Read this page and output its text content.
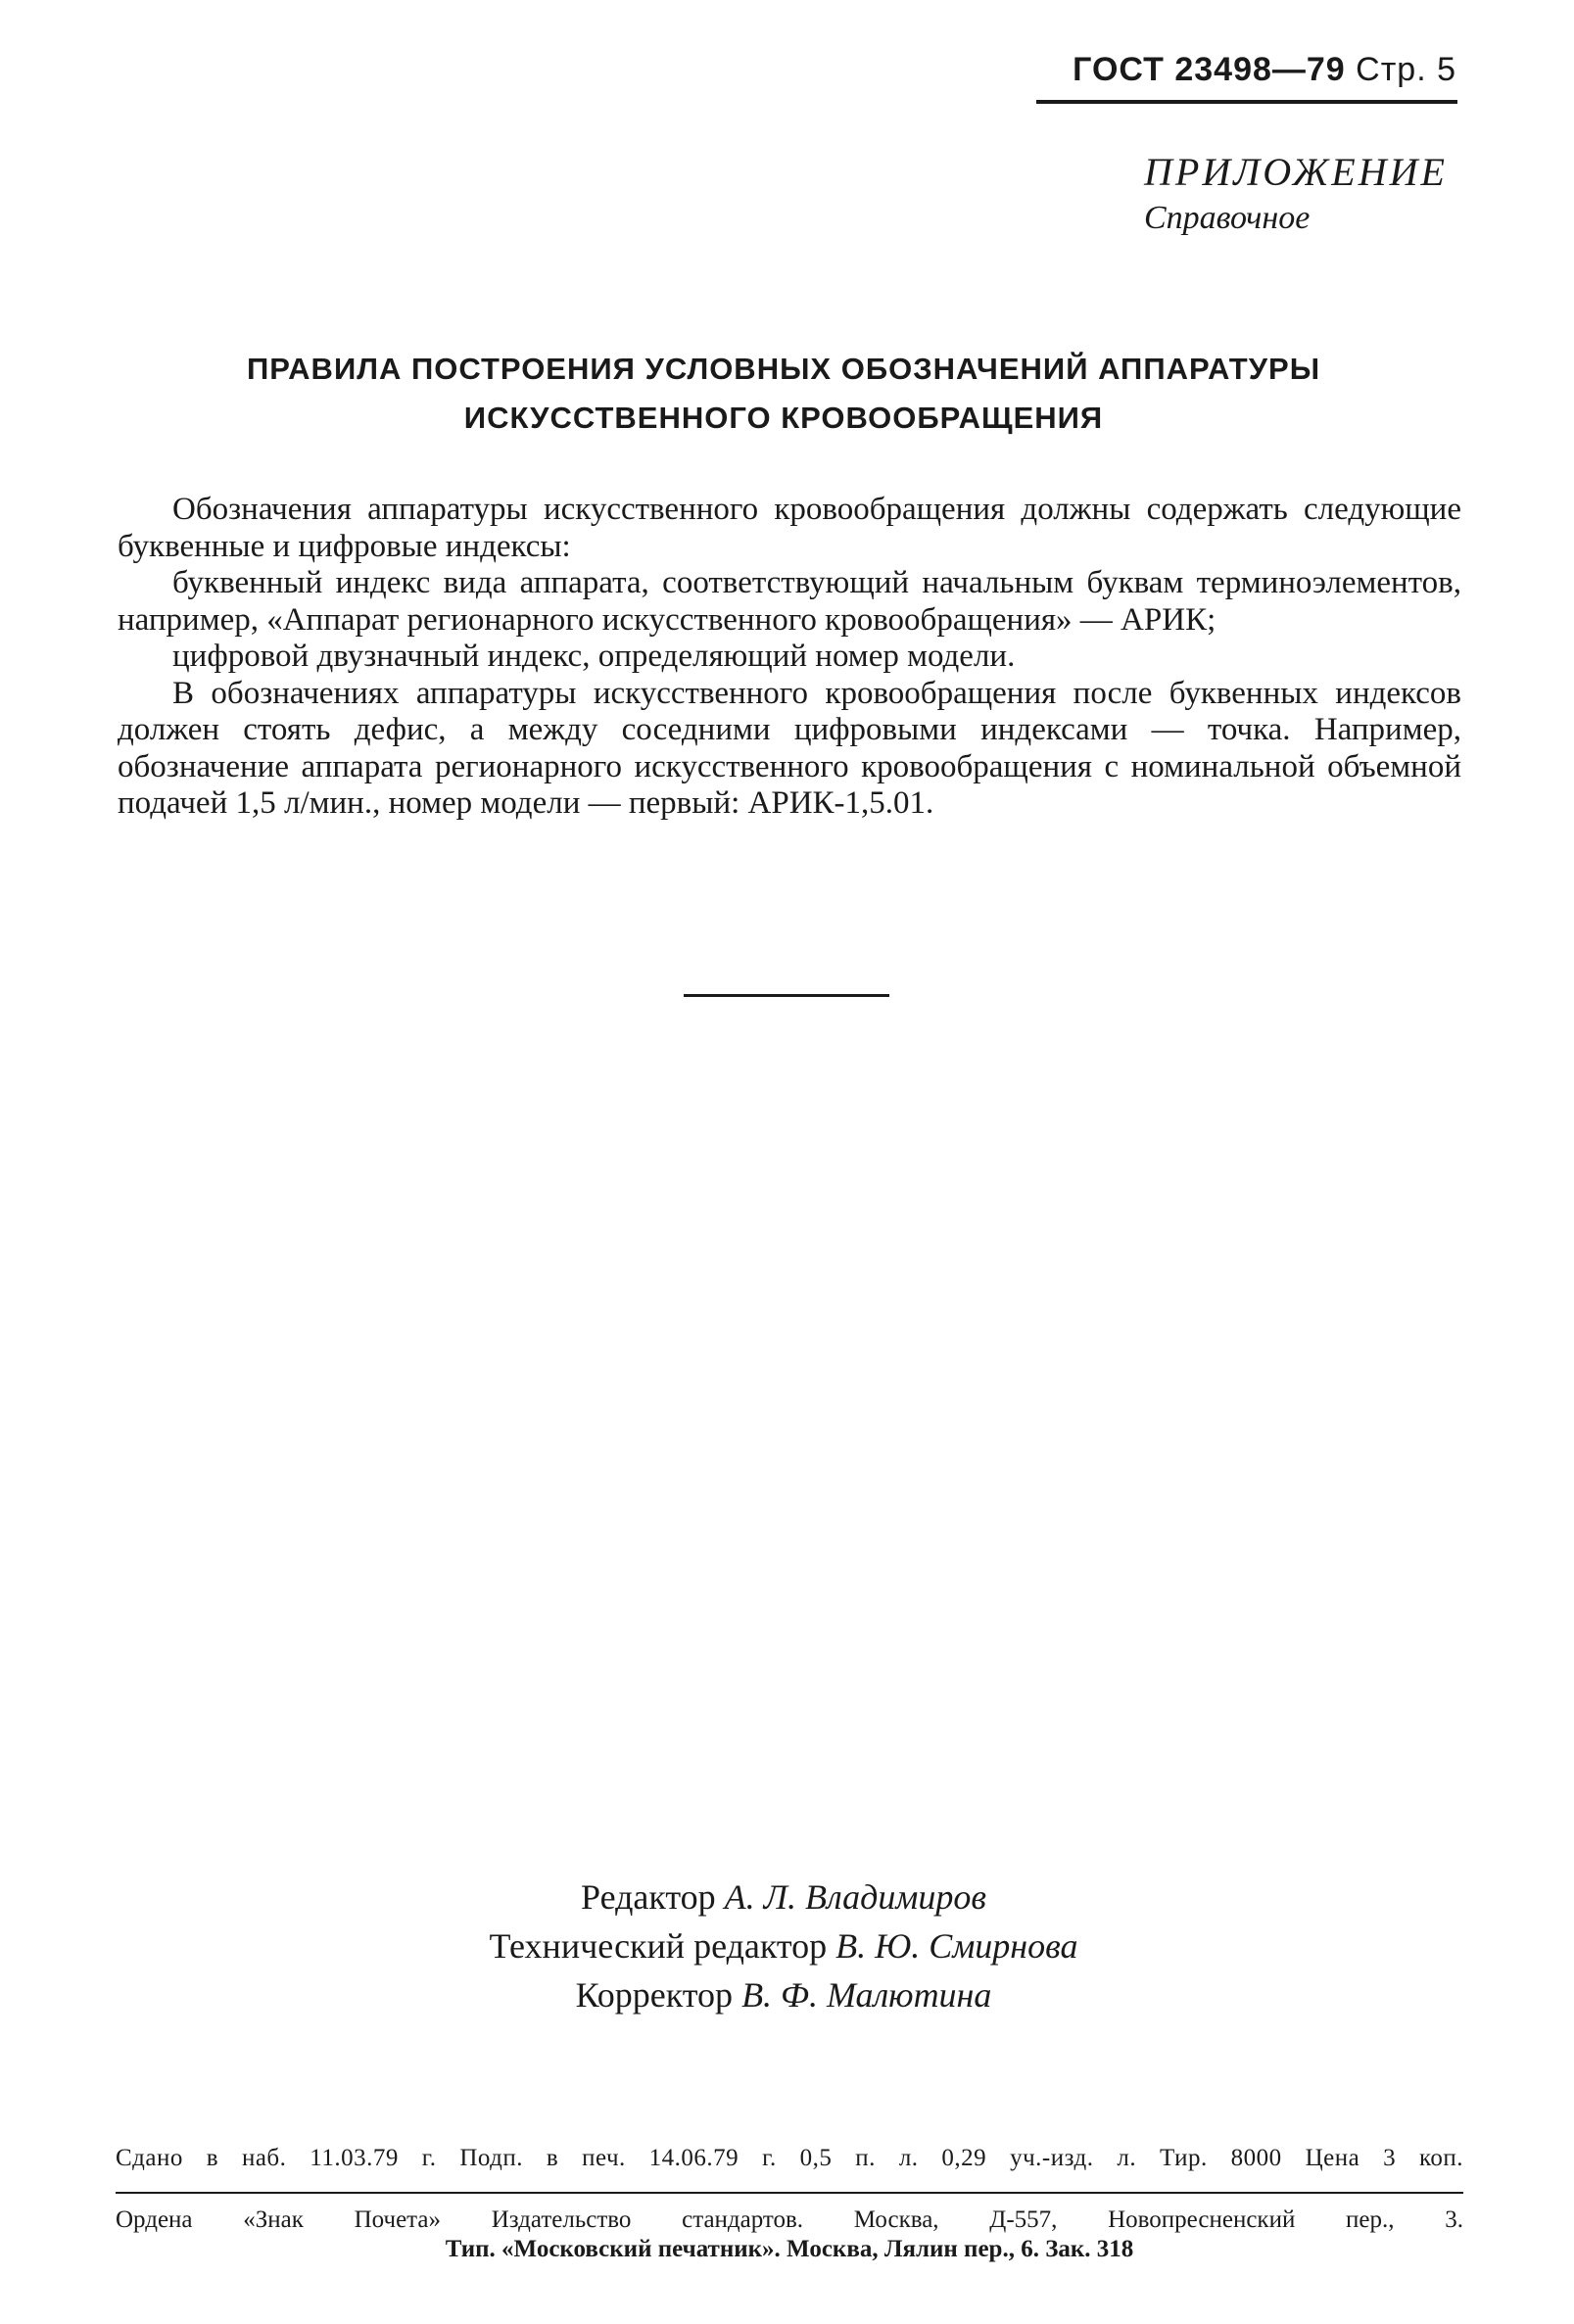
ГОСТ 23498—79 Стр. 5
ПРИЛОЖЕНИЕ
Справочное
ПРАВИЛА ПОСТРОЕНИЯ УСЛОВНЫХ ОБОЗНАЧЕНИЙ АППАРАТУРЫ
ИСКУССТВЕННОГО КРОВООБРАЩЕНИЯ

Обозначения аппаратуры искусственного кровообращения должны содержать следующие буквенные и цифровые индексы:

буквенный индекс вида аппарата, соответствующий начальным буквам терминоэлементов, например, «Аппарат регионарного искусственного кровообращения» — АРИК;

цифровой двузначный индекс, определяющий номер модели.

В обозначениях аппаратуры искусственного кровообращения после буквенных индексов должен стоять дефис, а между соседними цифровыми индексами — точка. Например, обозначение аппарата регионарного искусственного кровообращения с номинальной объемной подачей 1,5 л/мин., номер модели — первый: АРИК-1,5.01.

Редактор А. Л. Владимиров
Технический редактор В. Ю. Смирнова
Корректор В. Ф. Малютина
Сдано в наб. 11.03.79 г. Подп. в печ. 14.06.79 г. 0,5 п. л. 0,29 уч.-изд. л. Тир. 8000 Цена 3 коп.
Ордена «Знак Почета» Издательство стандартов. Москва, Д-557, Новопресненский пер., 3.
Тип. «Московский печатник». Москва, Лялин пер., 6. Зак. 318
